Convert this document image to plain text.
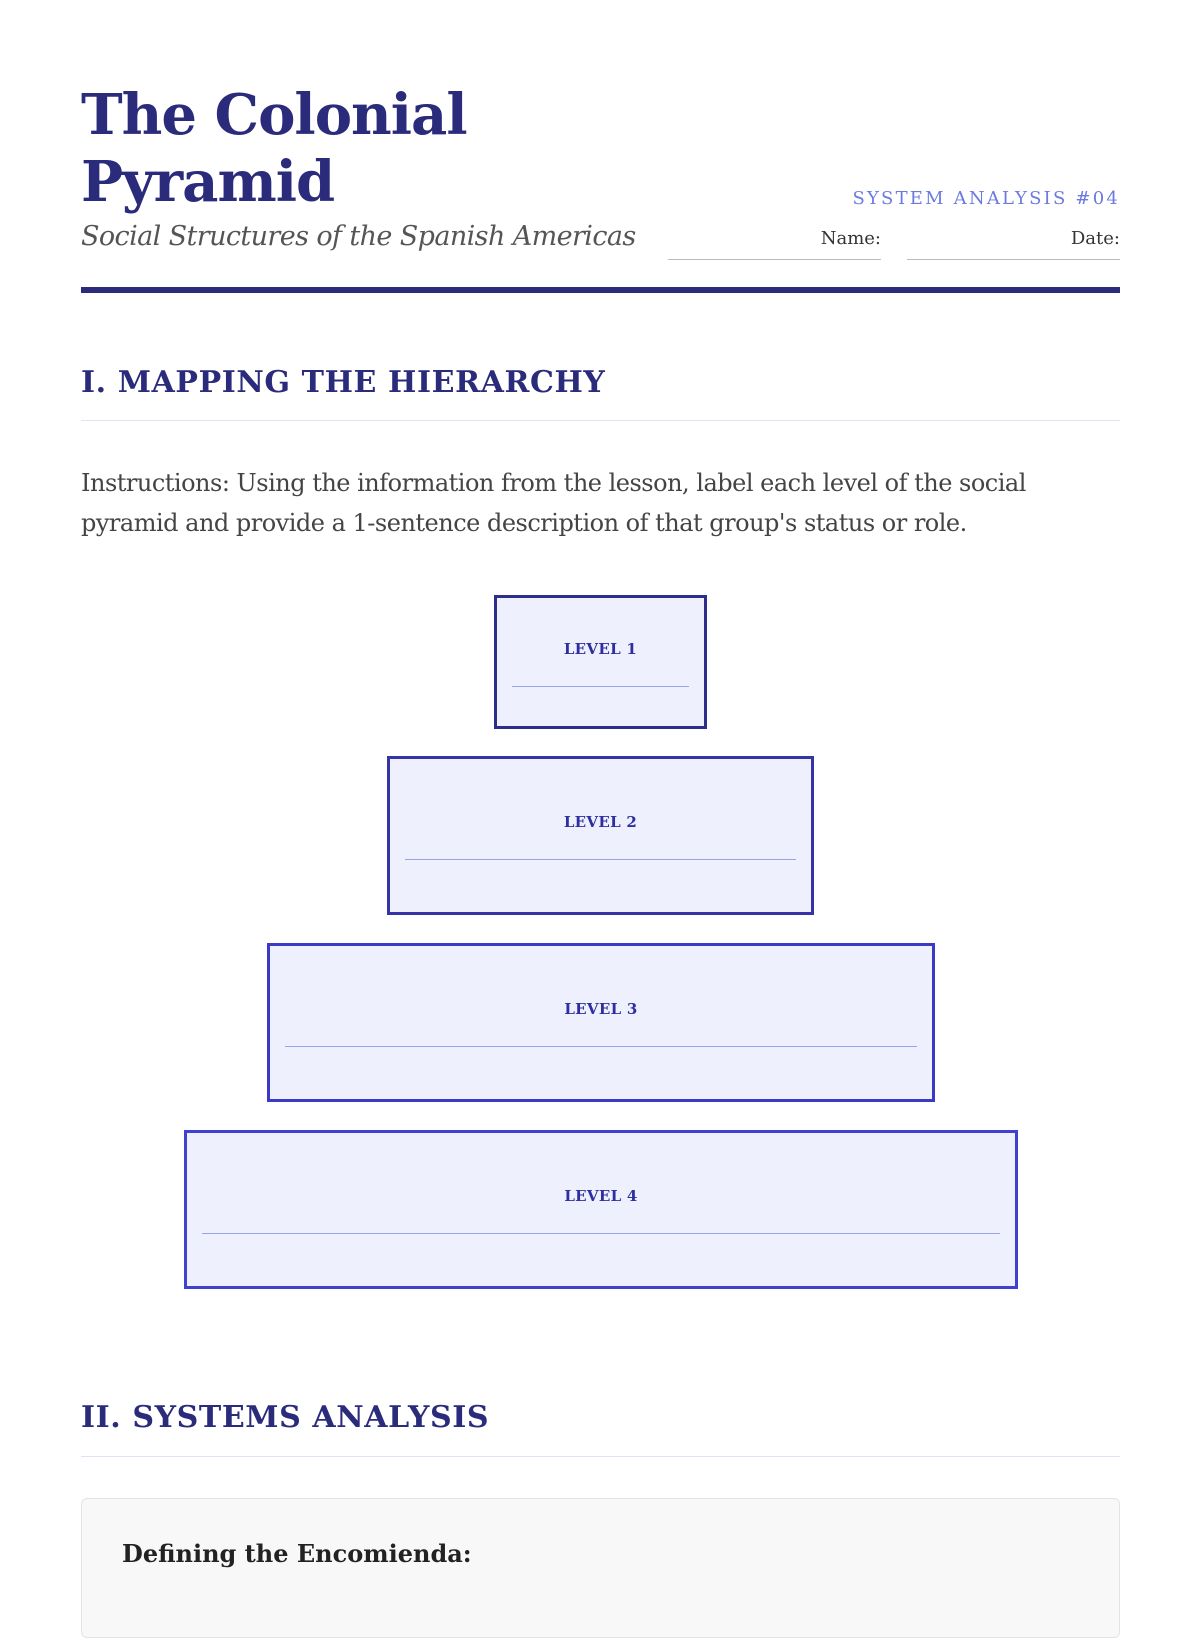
The Colonial
Pyramid

Social Structures of the Spanish Americas

SYSTEM ANALYSIS #04
Name:	Date:
I. MAPPING THE HIERARCHY

Instructions: Using the information from the lesson, label each level of the social pyramid and provide a 1-sentence description of that group's status or role.

LEVEL 1
LEVEL 2
LEVEL 3
LEVEL 4
II. SYSTEMS ANALYSIS
Defining the Encomienda:
